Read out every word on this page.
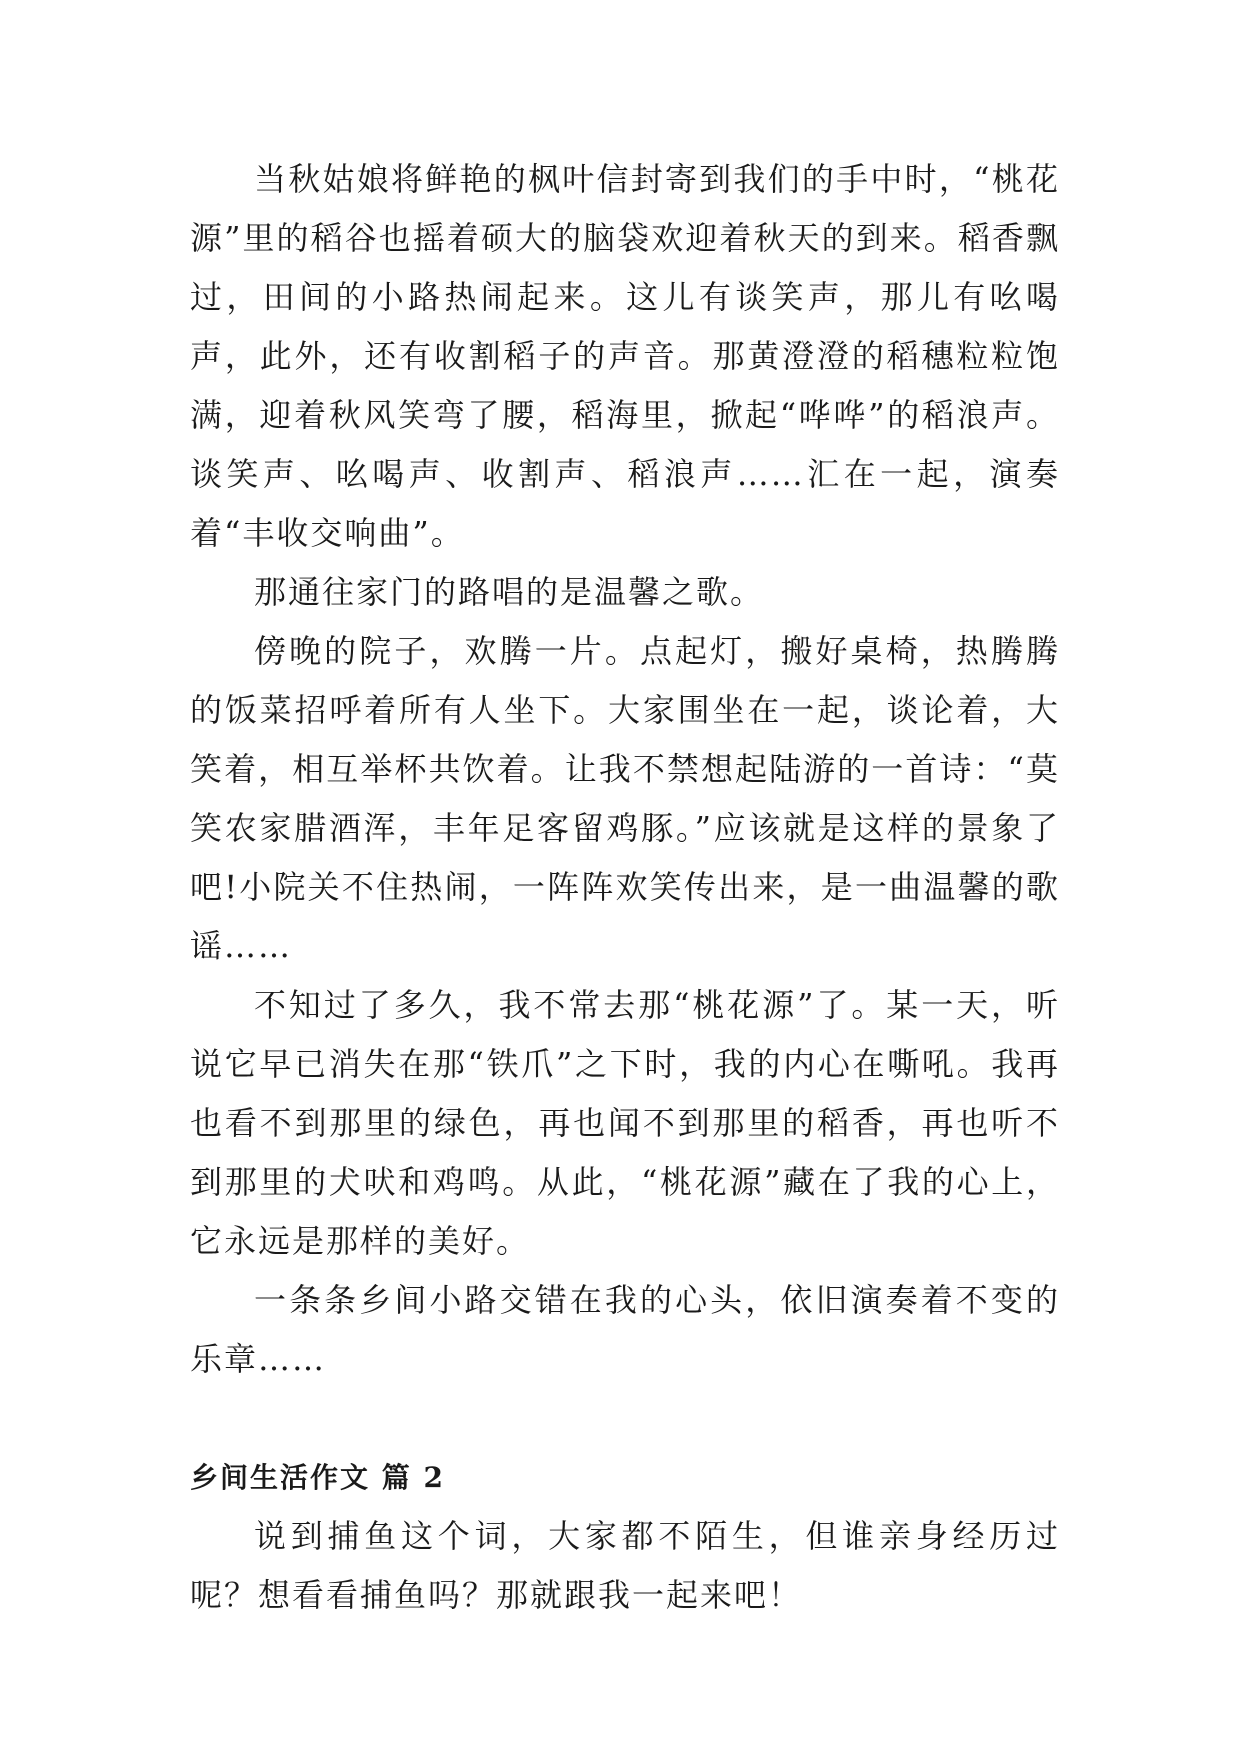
当秋姑娘将鲜艳的枫叶信封寄到我们的手中时，“桃花源”里的稻谷也摇着硕大的脑袋欢迎着秋天的到来。稻香飘过，田间的小路热闹起来。这儿有谈笑声，那儿有吆喝声，此外，还有收割稻子的声音。那黄澄澄的稻穗粒粒饱满，迎着秋风笑弯了腰，稻海里，掀起“哗哗”的稻浪声。谈笑声、吆喝声、收割声、稻浪声……汇在一起，演奏着“丰收交响曲”。

那通往家门的路唱的是温馨之歌。

傍晚的院子，欢腾一片。点起灯，搬好桌椅，热腾腾的饭菜招呼着所有人坐下。大家围坐在一起，谈论着，大笑着，相互举杯共饮着。让我不禁想起陆游的一首诗：“莫笑农家腊酒浑，丰年足客留鸡豚。”应该就是这样的景象了吧!小院关不住热闹，一阵阵欢笑传出来，是一曲温馨的歌谣……

不知过了多久，我不常去那“桃花源”了。某一天，听说它早已消失在那“铁爪”之下时，我的内心在嘶吼。我再也看不到那里的绿色，再也闻不到那里的稻香，再也听不到那里的犬吠和鸡鸣。从此，“桃花源”藏在了我的心上，它永远是那样的美好。

一条条乡间小路交错在我的心头，依旧演奏着不变的乐章……

乡间生活作文 篇 2

说到捕鱼这个词，大家都不陌生，但谁亲身经历过呢？想看看捕鱼吗？那就跟我一起来吧！
